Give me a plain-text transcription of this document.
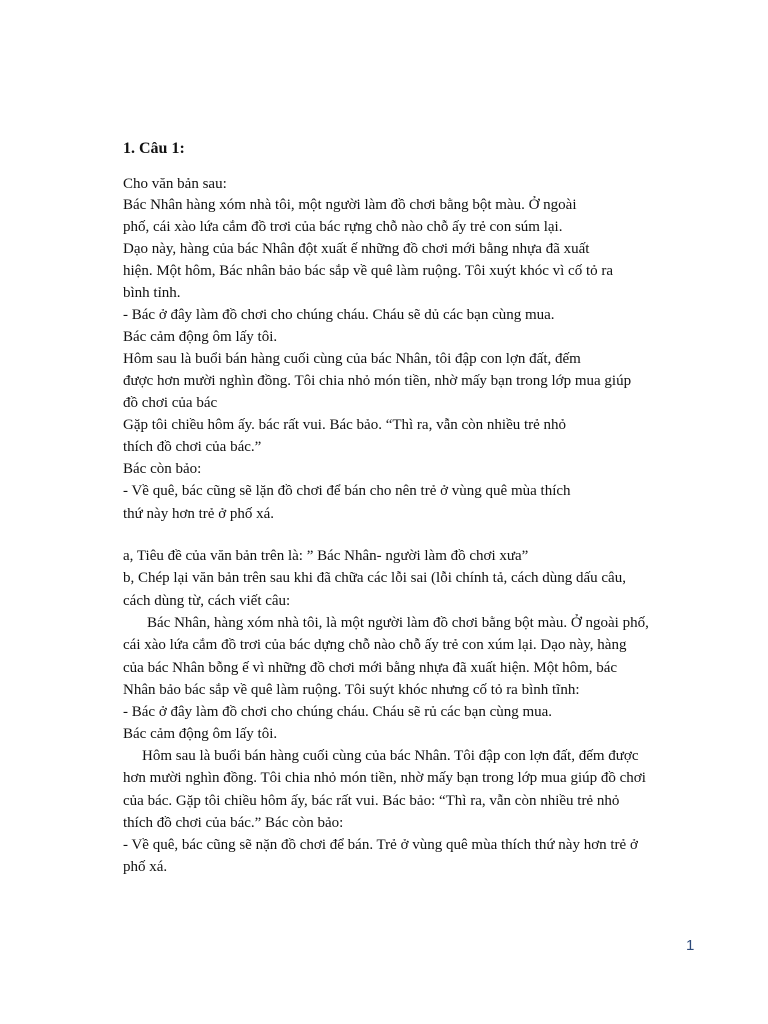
1. Câu 1:
Cho văn bản sau:
Bác Nhân hàng xóm nhà tôi, một người làm đồ chơi bằng bột màu. Ở ngoài
phố, cái xào lứa cắm đồ trơi của bác rựng chỗ nào chỗ ấy trẻ con súm lại.
Dạo này, hàng của bác Nhân đột xuất ế những đồ chơi mới bằng nhựa đã xuất
hiện. Một hôm, Bác nhân bảo bác sắp về quê làm ruộng. Tôi xuýt khóc vì cố tỏ ra
bình tỉnh.
- Bác ở đây làm đồ chơi cho chúng cháu. Cháu sẽ dủ các bạn cùng mua.
Bác cảm động ôm lấy tôi.
Hôm sau là buổi bán hàng cuối cùng của bác Nhân, tôi đập con lợn đất, đếm
được hơn mười nghìn đồng. Tôi chia nhỏ món tiền, nhờ mấy bạn trong lớp mua giúp
đồ chơi của bác
Gặp tôi chiều hôm ấy. bác rất vui. Bác bảo. “Thì ra, vẫn còn nhiều trẻ nhỏ
thích đồ chơi của bác.”
Bác còn bảo:
- Về quê, bác cũng sẽ lặn đồ chơi để bán cho nên trẻ ở vùng quê mùa thích
thứ này hơn trẻ ở phố xá.
a, Tiêu đề của văn bản trên là: ” Bác Nhân- người làm đồ chơi xưa”
b, Chép lại văn bản trên sau khi đã chữa các lỗi sai (lỗi chính tả, cách dùng dấu câu,
cách dùng từ, cách viết câu:
Bác Nhân, hàng xóm nhà tôi, là một người làm đồ chơi bằng bột màu. Ở ngoài phố,
cái xào lứa cắm đồ trơi của bác dựng chỗ nào chỗ ấy trẻ con xúm lại. Dạo này, hàng
của bác Nhân bỗng ế vì những đồ chơi mới bằng nhựa đã xuất hiện. Một hôm, bác
Nhân bảo bác sắp về quê làm ruộng. Tôi suýt khóc nhưng cố tỏ ra bình tĩnh:
- Bác ở đây làm đồ chơi cho chúng cháu. Cháu sẽ rủ các bạn cùng mua.
Bác cảm động ôm lấy tôi.
Hôm sau là buổi bán hàng cuối cùng của bác Nhân. Tôi đập con lợn đất, đếm được
hơn mười nghìn đồng. Tôi chia nhỏ món tiền, nhờ mấy bạn trong lớp mua giúp đồ chơi
của bác. Gặp tôi chiều hôm ấy, bác rất vui. Bác bảo: “Thì ra, vẫn còn nhiều trẻ nhỏ
thích đồ chơi của bác.” Bác còn bảo:
- Về quê, bác cũng sẽ nặn đồ chơi để bán. Trẻ ở vùng quê mùa thích thứ này hơn trẻ ở
phố xá.
1
